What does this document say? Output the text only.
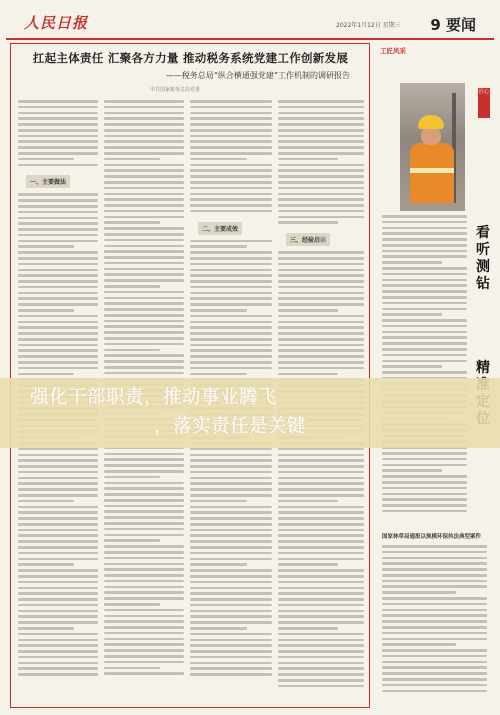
人民日报	2022年1月12日 星期三 9 要闻
扛起主体责任 汇聚各方力量 推动税务系统党建工作创新发展
——税务总局“纵合横通强党建”工作机制的调研报告
中共国家税务总局党委
一、主要做法
二、主要成效
三、经验启示
工匠风采
匠心
看听测钻
精
国家林草局通报以规模环保执法典型案件
强化干部职责，推动事业腾飞
，落实责任是关键
